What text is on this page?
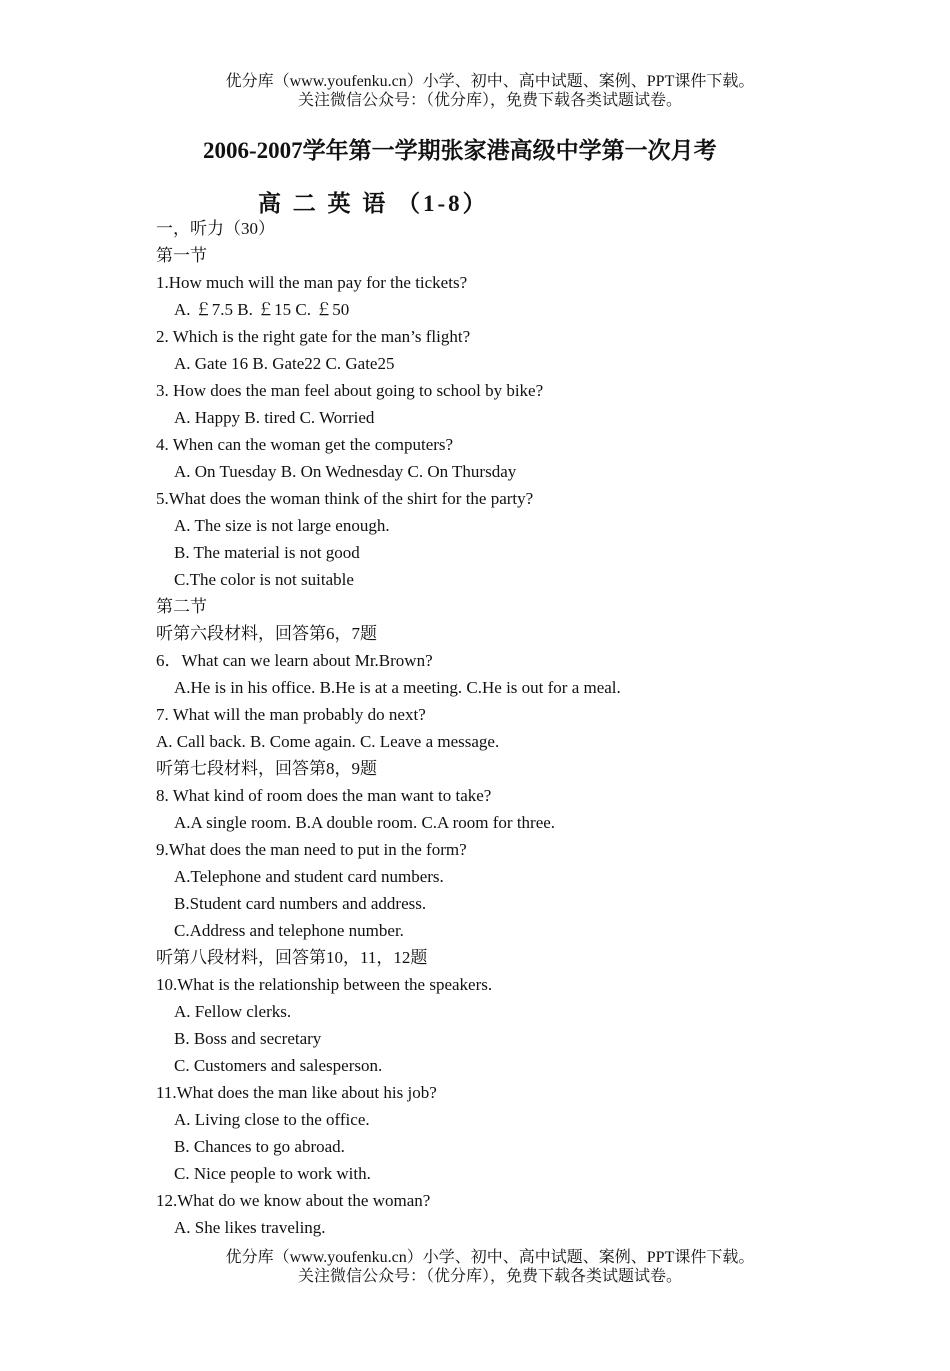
优分库（www.youfenku.cn）小学、初中、高中试题、案例、PPT课件下载。
关注微信公众号：（优分库），免费下载各类试题试卷。
2006-2007学年第一学期张家港高级中学第一次月考
高 二 英 语 （1-8）
一，听力（30）
第一节
1.How much will the man pay for the tickets?
A. ￡7.5 B. ￡15 C. ￡50
2. Which is the right gate for the man’s flight?
A. Gate 16 B. Gate22 C. Gate25
3. How does the man feel about going to school by bike?
A. Happy B. tired C. Worried
4. When can the woman get the computers?
A. On Tuesday B. On Wednesday C. On Thursday
5.What does the woman think of the shirt for the party?
A. The size is not large enough.
B. The material is not good
C.The color is not suitable
第二节
听第六段材料，回答第6，7题
6．What can we learn about Mr.Brown?
A.He is in his office. B.He is at a meeting. C.He is out for a meal.
7. What will the man probably do next?
A. Call back. B. Come again. C. Leave a message.
听第七段材料，回答第8，9题
8. What kind of room does the man want to take?
A.A single room. B.A double room. C.A room for three.
9.What does the man need to put in the form?
A.Telephone and student card numbers.
B.Student card numbers and address.
C.Address and telephone number.
听第八段材料，回答第10，11，12题
10.What is the relationship between the speakers.
A. Fellow clerks.
B. Boss and secretary
C. Customers and salesperson.
11.What does the man like about his job?
A. Living close to the office.
B. Chances to go abroad.
C. Nice people to work with.
12.What do we know about the woman?
A. She likes traveling.
优分库（www.youfenku.cn）小学、初中、高中试题、案例、PPT课件下载。
关注微信公众号：（优分库），免费下载各类试题试卷。
